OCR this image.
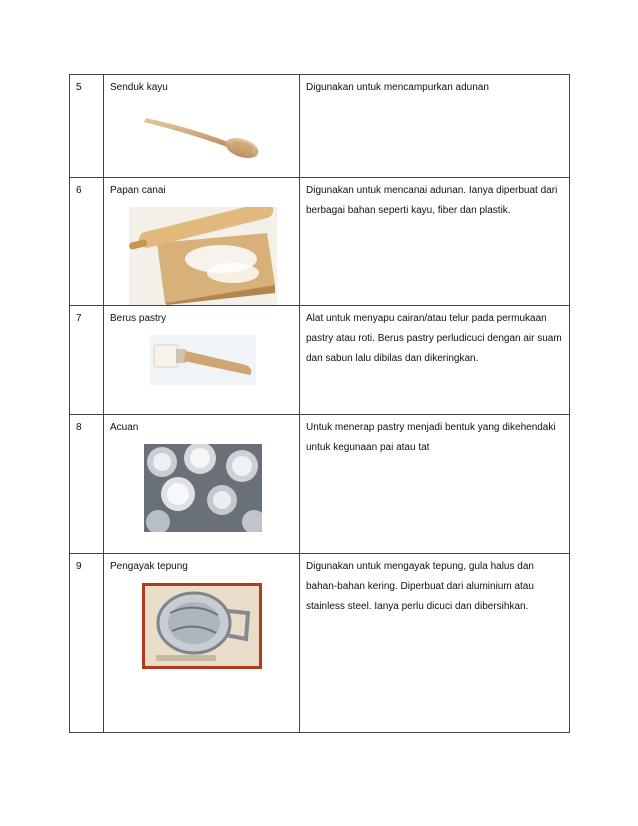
5	Senduk kayu	Digunakan untuk mencampurkan adunan

6	Papan canai	Digunakan untuk mencanai adunan. Ianya diperbuat dari berbagai bahan seperti kayu, fiber dan plastik.

7	Berus pastry	Alat untuk menyapu cairan/atau telur pada permukaan pastry atau roti. Berus pastry perludicuci dengan air suam dan sabun lalu dibilas dan dikeringkan.

8	Acuan	Untuk menerap pastry menjadi bentuk yang dikehendaki untuk kegunaan pai atau tat

9	Pengayak tepung	Digunakan untuk mengayak tepung, gula halus dan bahan-bahan kering. Diperbuat dari aluminium atau stainless steel. Ianya perlu dicuci dan dibersihkan.
